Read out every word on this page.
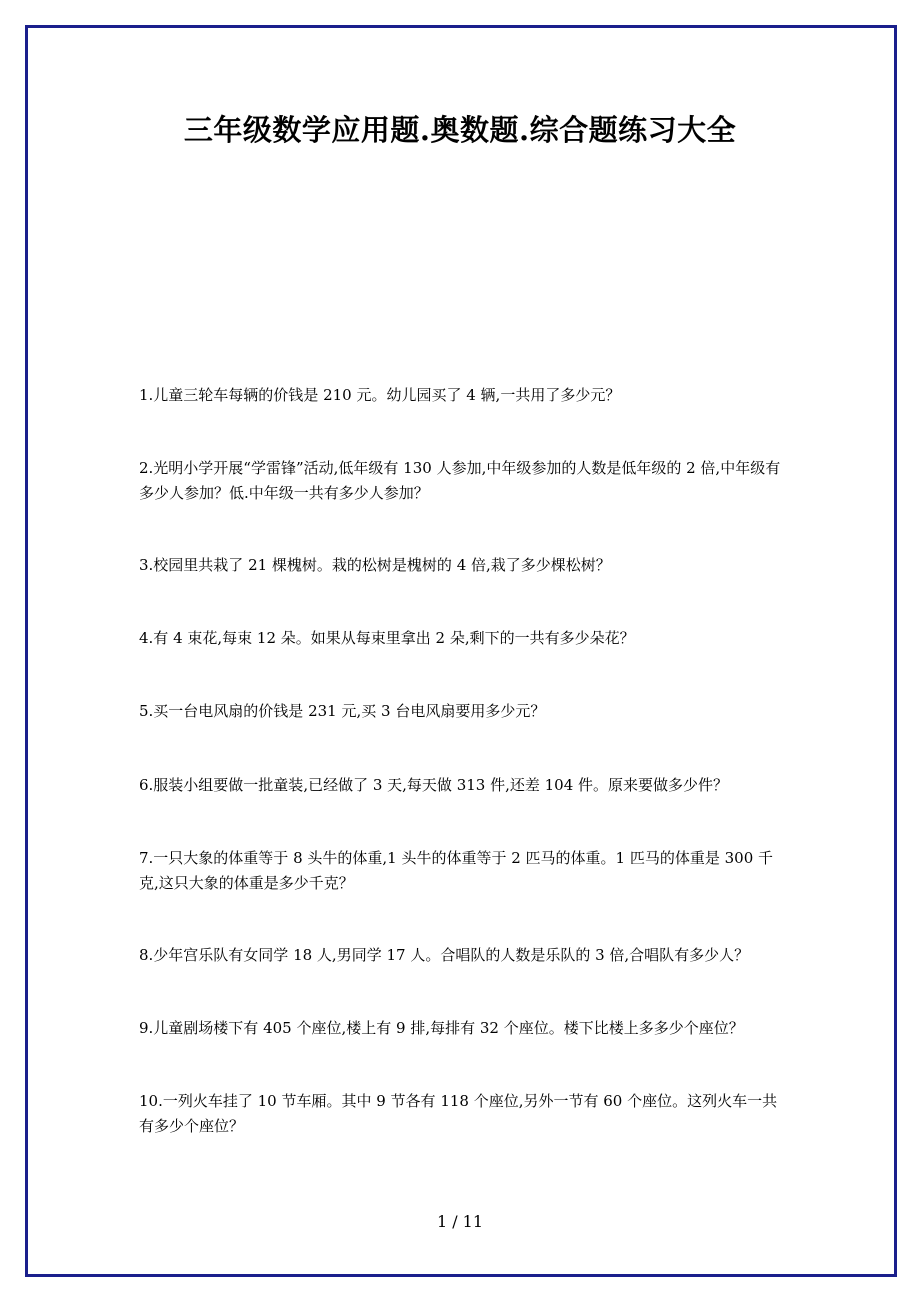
三年级数学应用题.奥数题.综合题练习大全

1.儿童三轮车每辆的价钱是 210 元。幼儿园买了 4 辆,一共用了多少元？

2.光明小学开展“学雷锋”活动,低年级有 130 人参加,中年级参加的人数是低年级的 2 倍,中年级有多少人参加？低.中年级一共有多少人参加？

3.校园里共栽了 21 棵槐树。栽的松树是槐树的 4 倍,栽了多少棵松树？

4.有 4 束花,每束 12 朵。如果从每束里拿出 2 朵,剩下的一共有多少朵花？

5.买一台电风扇的价钱是 231 元,买 3 台电风扇要用多少元？

6.服装小组要做一批童装,已经做了 3 天,每天做 313 件,还差 104 件。原来要做多少件？

7.一只大象的体重等于 8 头牛的体重,1 头牛的体重等于 2 匹马的体重。1 匹马的体重是 300 千克,这只大象的体重是多少千克？

8.少年宫乐队有女同学 18 人,男同学 17 人。合唱队的人数是乐队的 3 倍,合唱队有多少人？

9.儿童剧场楼下有 405 个座位,楼上有 9 排,每排有 32 个座位。楼下比楼上多多少个座位？

10.一列火车挂了 10 节车厢。其中 9 节各有 118 个座位,另外一节有 60 个座位。这列火车一共有多少个座位？

1 / 11
